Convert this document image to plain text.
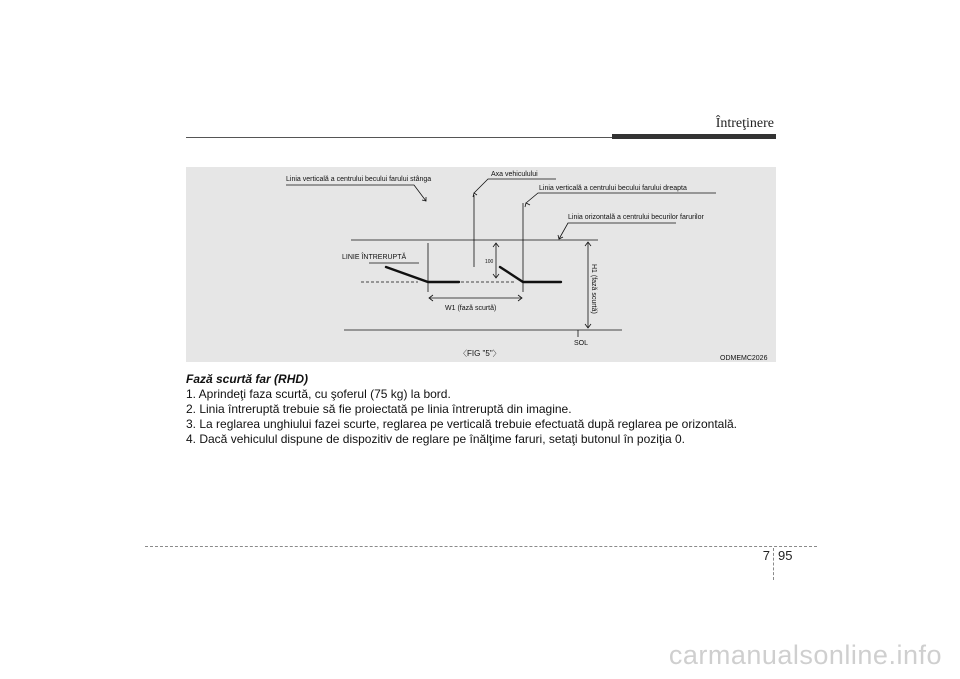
Întreţinere
Linia verticală a centrului becului farului stânga
Axa vehiculului
Linia verticală a centrului becului farului dreapta
Linia orizontală a centrului becurilor farurilor
LINIE ÎNTRERUPTĂ
100
W1 (fază scurtă)	H1 (fază scurtă)
SOL
〈FIG "5"〉
ODMEMC2026
Fază scurtă far (RHD)
1. Aprindeţi faza scurtă, cu şoferul (75 kg) la bord.
2. Linia întreruptă trebuie să fie proiectată pe linia întreruptă din imagine.
3. La reglarea unghiului fazei scurte, reglarea pe verticală trebuie efectuată după reglarea pe orizontală.
4. Dacă vehiculul dispune de dispozitiv de reglare pe înălţime faruri, setaţi butonul în poziţia 0.
7 95
carmanualsonline.info
